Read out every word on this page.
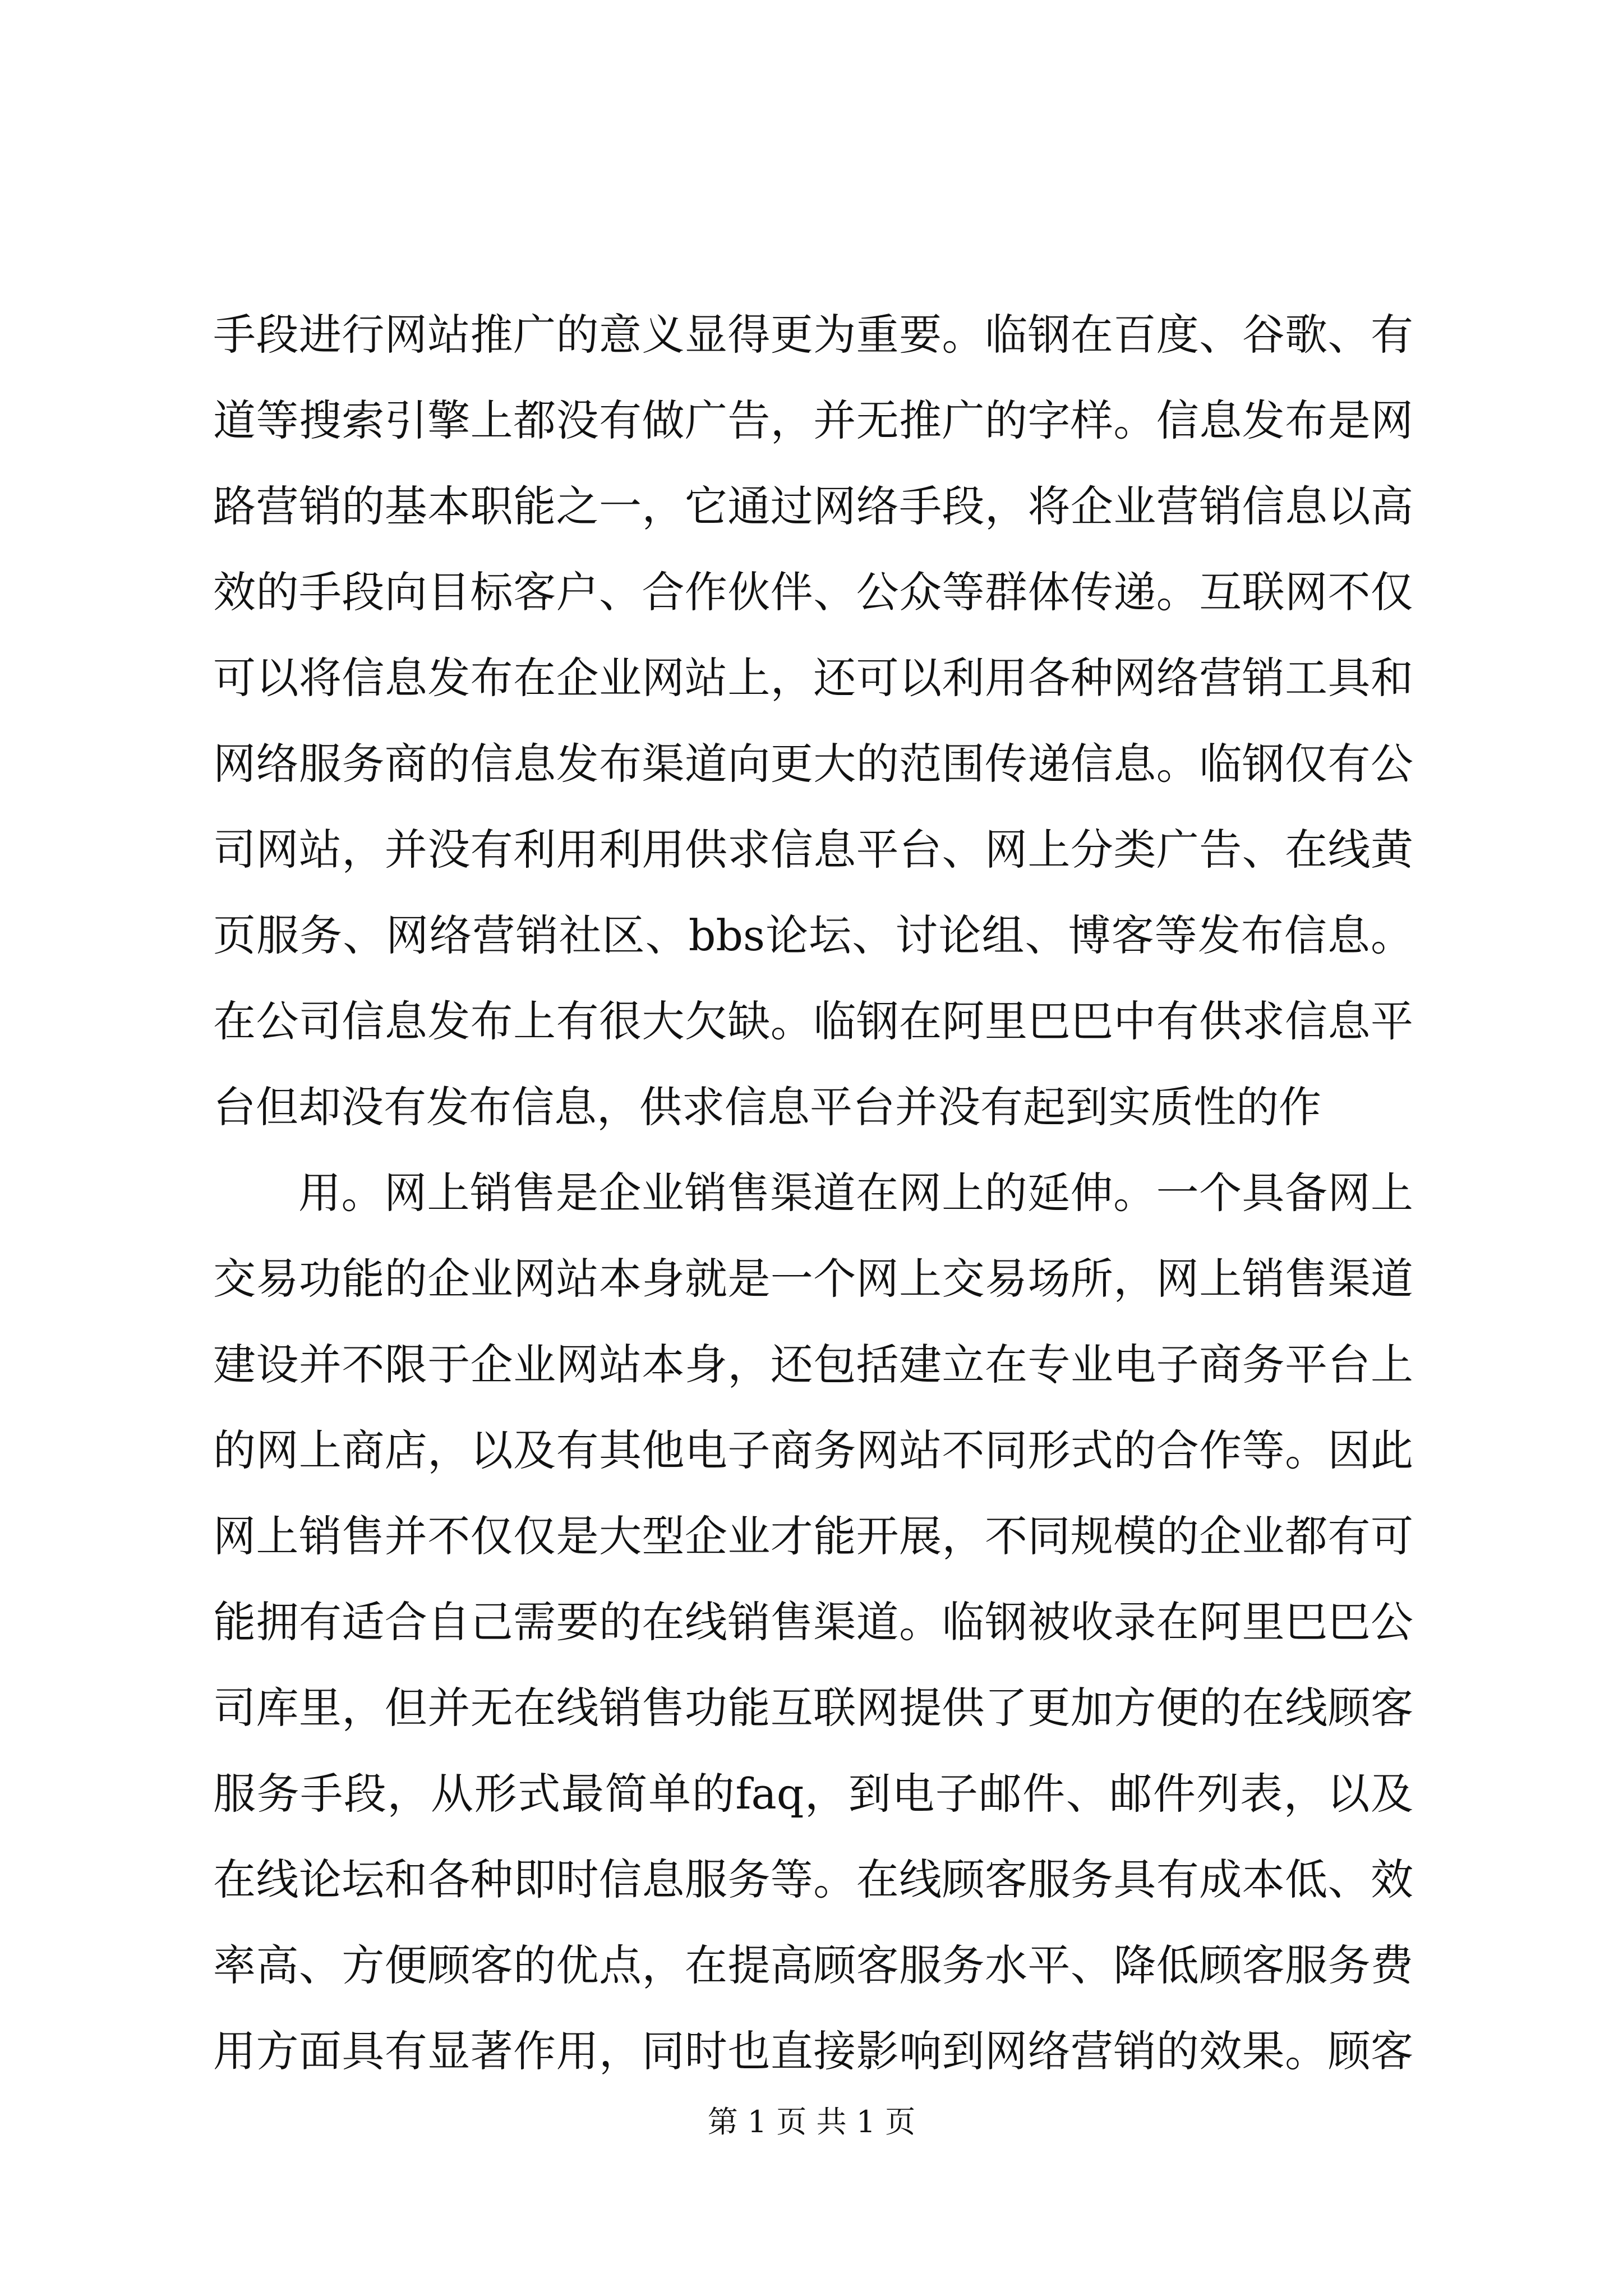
手段进行网站推广的意义显得更为重要。临钢在百度、谷歌、有
道等搜索引擎上都没有做广告，并无推广的字样。信息发布是网
路营销的基本职能之一，它通过网络手段，将企业营销信息以高
效的手段向目标客户、合作伙伴、公众等群体传递。互联网不仅
可以将信息发布在企业网站上，还可以利用各种网络营销工具和
网络服务商的信息发布渠道向更大的范围传递信息。临钢仅有公
司网站，并没有利用利用供求信息平台、网上分类广告、在线黄
页服务、网络营销社区、bbs论坛、讨论组、博客等发布信息。
在公司信息发布上有很大欠缺。临钢在阿里巴巴中有供求信息平
台但却没有发布信息，供求信息平台并没有起到实质性的作
用。网上销售是企业销售渠道在网上的延伸。一个具备网上
交易功能的企业网站本身就是一个网上交易场所，网上销售渠道
建设并不限于企业网站本身，还包括建立在专业电子商务平台上
的网上商店，以及有其他电子商务网站不同形式的合作等。因此
网上销售并不仅仅是大型企业才能开展，不同规模的企业都有可
能拥有适合自己需要的在线销售渠道。临钢被收录在阿里巴巴公
司库里，但并无在线销售功能互联网提供了更加方便的在线顾客
服务手段，从形式最简单的faq，到电子邮件、邮件列表，以及
在线论坛和各种即时信息服务等。在线顾客服务具有成本低、效
率高、方便顾客的优点，在提高顾客服务水平、降低顾客服务费
用方面具有显著作用，同时也直接影响到网络营销的效果。顾客
第 1 页 共 1 页
